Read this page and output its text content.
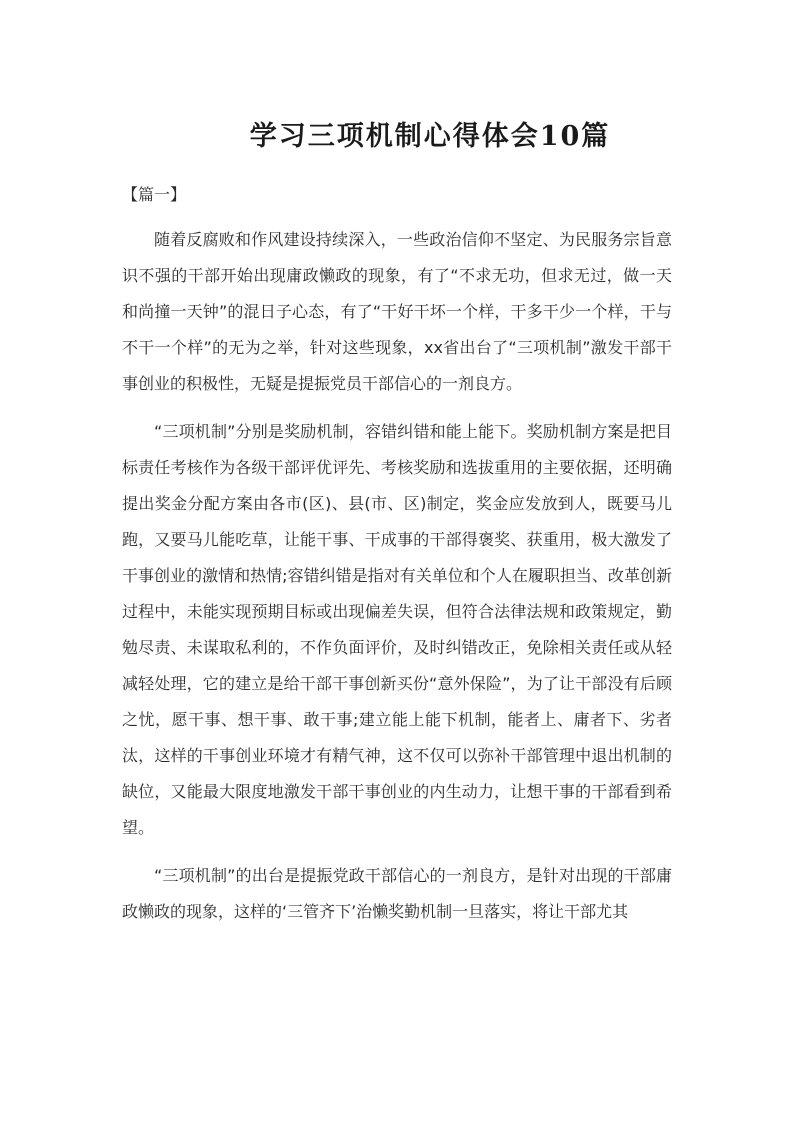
学习三项机制心得体会10篇
【篇一】

随着反腐败和作风建设持续深入，一些政治信仰不坚定、为民服务宗旨意识不强的干部开始出现庸政懒政的现象，有了“不求无功，但求无过，做一天和尚撞一天钟”的混日子心态，有了“干好干坏一个样，干多干少一个样，干与不干一个样”的无为之举，针对这些现象，xx省出台了“三项机制”激发干部干事创业的积极性，无疑是提振党员干部信心的一剂良方。

“三项机制”分别是奖励机制，容错纠错和能上能下。奖励机制方案是把目标责任考核作为各级干部评优评先、考核奖励和选拔重用的主要依据，还明确提出奖金分配方案由各市(区)、县(市、区)制定，奖金应发放到人，既要马儿跑，又要马儿能吃草，让能干事、干成事的干部得褒奖、获重用，极大激发了干事创业的激情和热情;容错纠错是指对有关单位和个人在履职担当、改革创新过程中，未能实现预期目标或出现偏差失误，但符合法律法规和政策规定，勤勉尽责、未谋取私利的，不作负面评价，及时纠错改正，免除相关责任或从轻减轻处理，它的建立是给干部干事创新买份“意外保险”，为了让干部没有后顾之忧，愿干事、想干事、敢干事;建立能上能下机制，能者上、庸者下、劣者汰，这样的干事创业环境才有精气神，这不仅可以弥补干部管理中退出机制的缺位，又能最大限度地激发干部干事创业的内生动力，让想干事的干部看到希望。

“三项机制”的出台是提振党政干部信心的一剂良方，是针对出现的干部庸政懒政的现象，这样的‘三管齐下’治懒奖勤机制一旦落实，将让干部尤其
